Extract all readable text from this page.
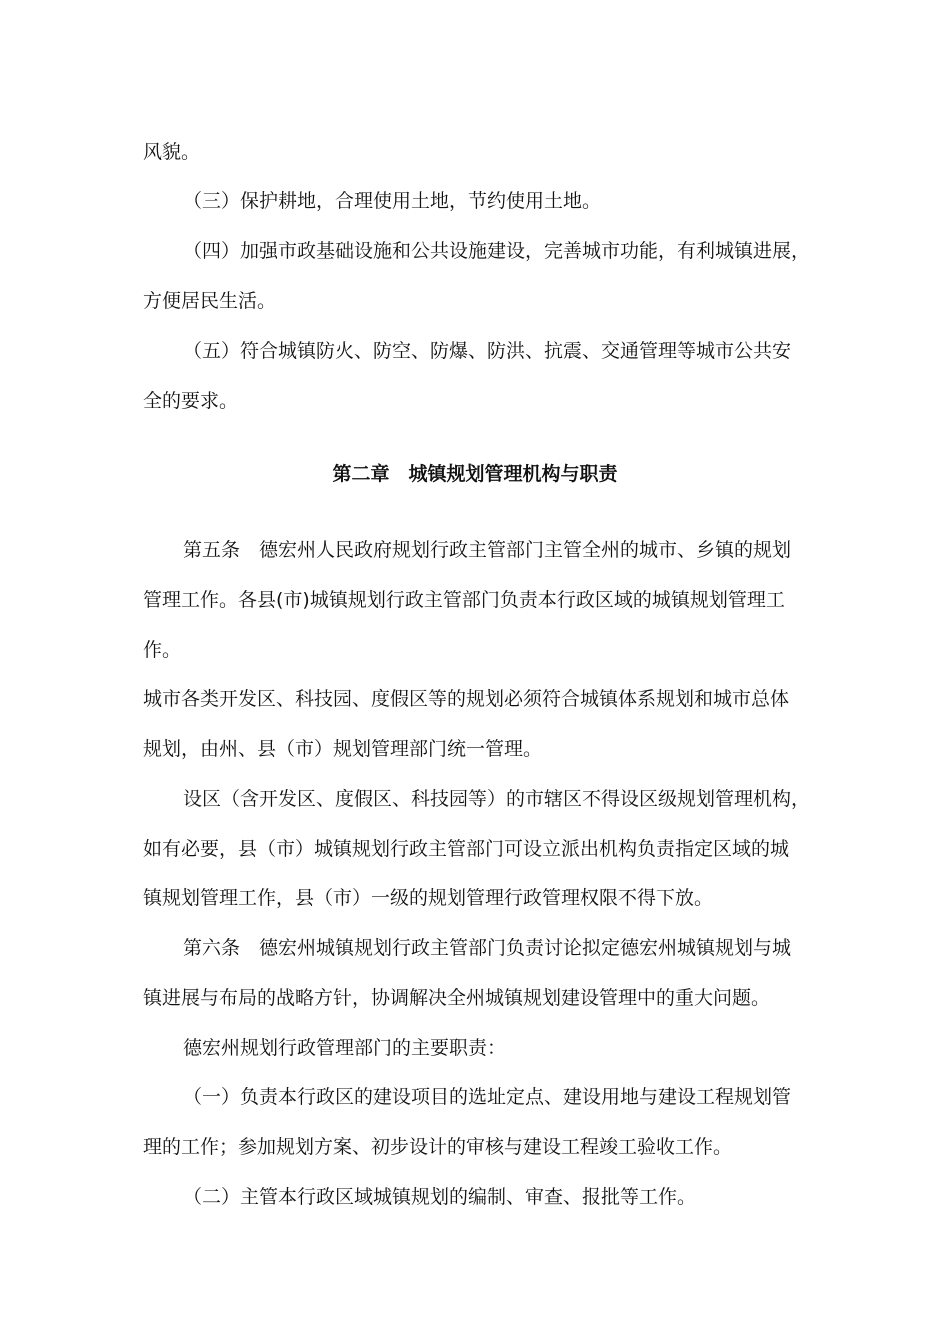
风貌。
（三）保护耕地，合理使用土地，节约使用土地。
（四）加强市政基础设施和公共设施建设，完善城市功能，有利城镇进展，
方便居民生活。
（五）符合城镇防火、防空、防爆、防洪、抗震、交通管理等城市公共安
全的要求。
第二章　城镇规划管理机构与职责
第五条　德宏州人民政府规划行政主管部门主管全州的城市、乡镇的规划
管理工作。各县(市)城镇规划行政主管部门负责本行政区域的城镇规划管理工
作。
城市各类开发区、科技园、度假区等的规划必须符合城镇体系规划和城市总体
规划，由州、县（市）规划管理部门统一管理。
设区（含开发区、度假区、科技园等）的市辖区不得设区级规划管理机构，
如有必要，县（市）城镇规划行政主管部门可设立派出机构负责指定区域的城
镇规划管理工作，县（市）一级的规划管理行政管理权限不得下放。
第六条　德宏州城镇规划行政主管部门负责讨论拟定德宏州城镇规划与城
镇进展与布局的战略方针，协调解决全州城镇规划建设管理中的重大问题。
德宏州规划行政管理部门的主要职责：
（一）负责本行政区的建设项目的选址定点、建设用地与建设工程规划管
理的工作；参加规划方案、初步设计的审核与建设工程竣工验收工作。
（二）主管本行政区域城镇规划的编制、审查、报批等工作。
